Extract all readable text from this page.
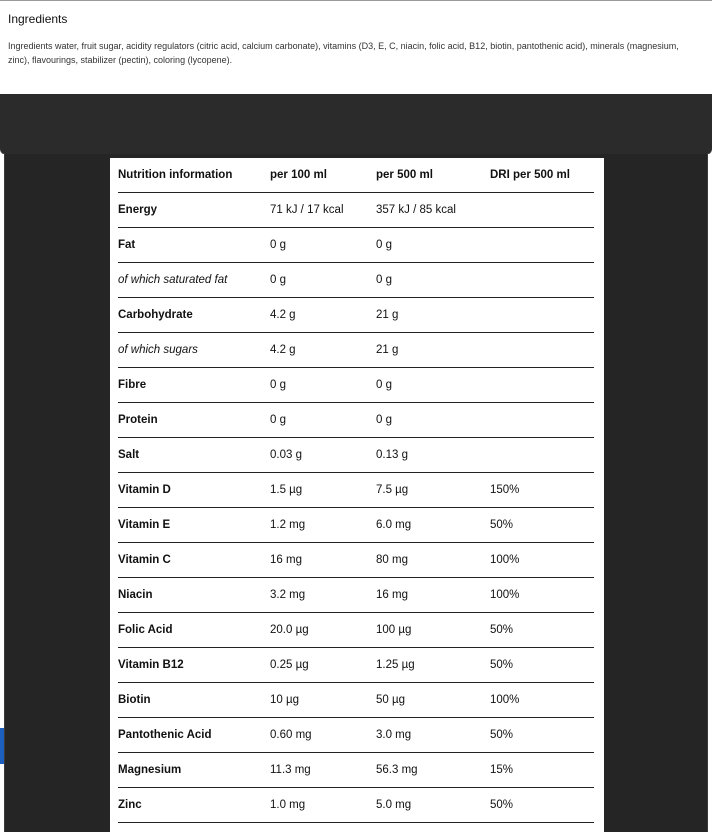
Ingredients
Ingredients water, fruit sugar, acidity regulators (citric acid, calcium carbonate), vitamins (D3, E, C, niacin, folic acid, B12, biotin, pantothenic acid), minerals (magnesium,
zinc), flavourings, stabilizer (pectin), coloring (lycopene).
Nutrition information	per 100 ml	per 500 ml	DRI per 500 ml
Energy	71 kJ / 17 kcal	357 kJ / 85 kcal	
Fat	0 g	0 g	
of which saturated fat	0 g	0 g	
Carbohydrate	4.2 g	21 g	
of which sugars	4.2 g	21 g	
Fibre	0 g	0 g	
Protein	0 g	0 g	
Salt	0.03 g	0.13 g	
Vitamin D	1.5 µg	7.5 µg	150%
Vitamin E	1.2 mg	6.0 mg	50%
Vitamin C	16 mg	80 mg	100%
Niacin	3.2 mg	16 mg	100%
Folic Acid	20.0 µg	100 µg	50%
Vitamin B12	0.25 µg	1.25 µg	50%
Biotin	10 µg	50 µg	100%
Pantothenic Acid	0.60 mg	3.0 mg	50%
Magnesium	11.3 mg	56.3 mg	15%
Zinc	1.0 mg	5.0 mg	50%
